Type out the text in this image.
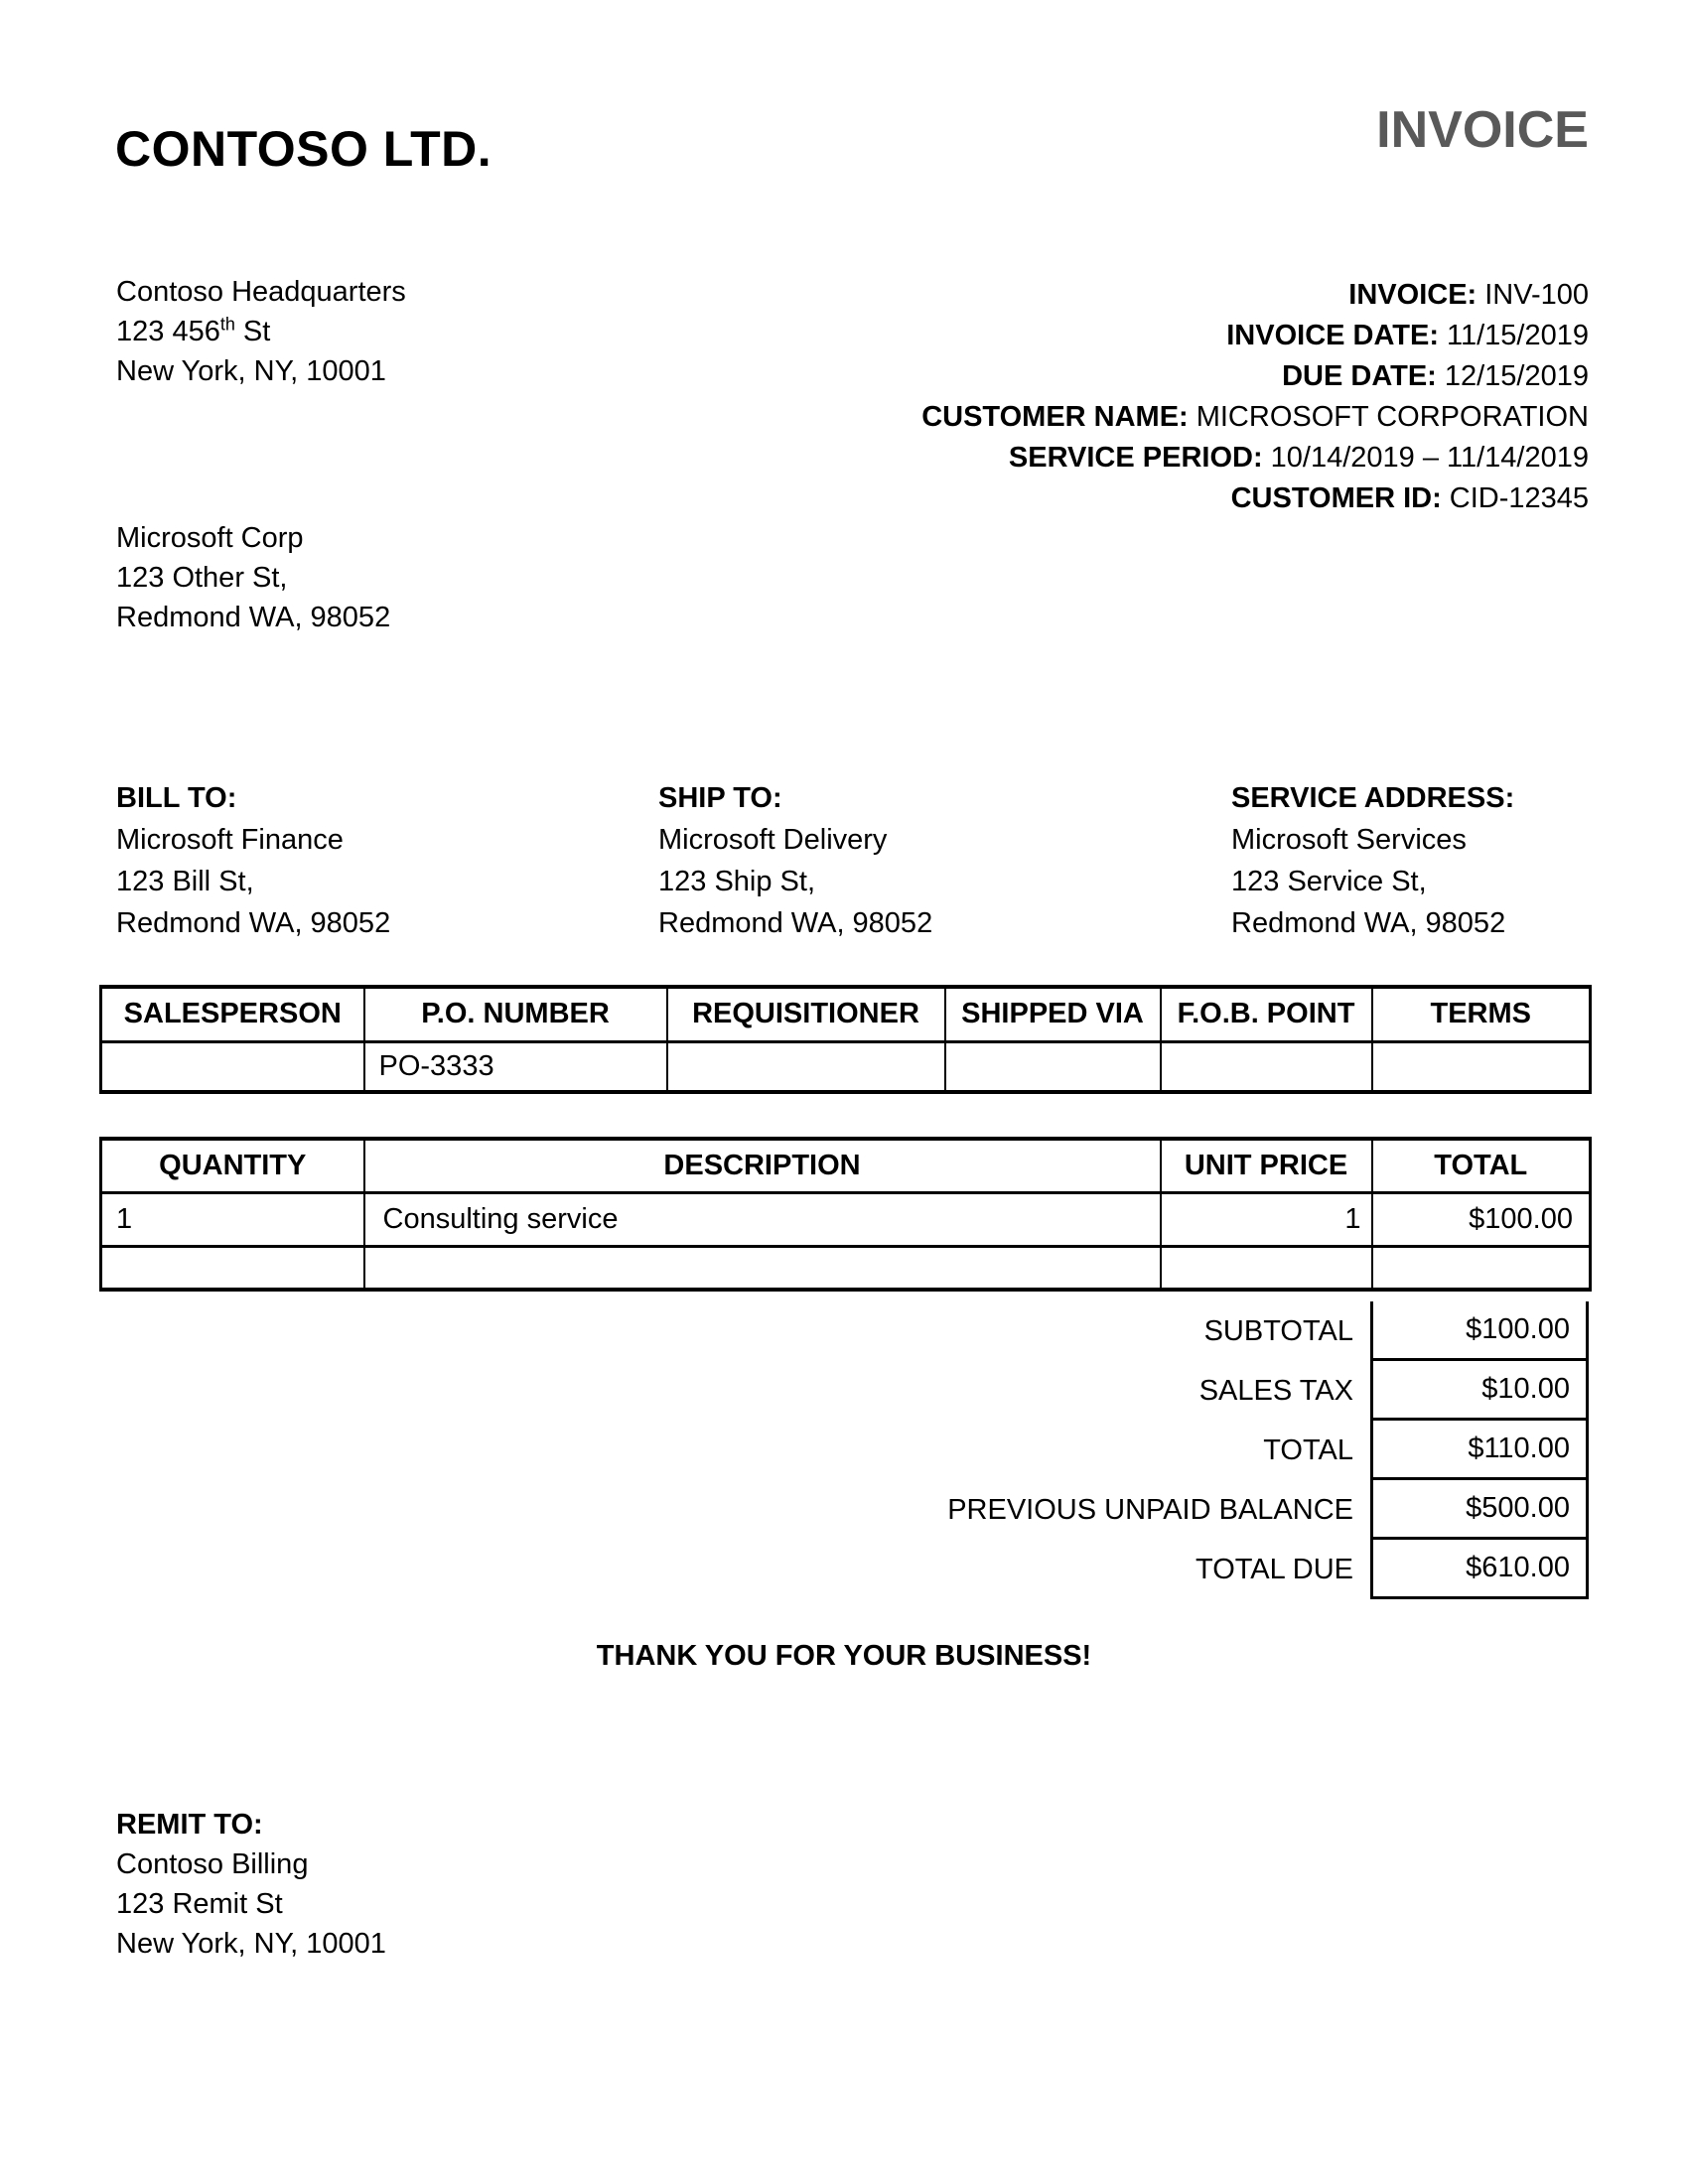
CONTOSO LTD.	INVOICE
Contoso Headquarters
123 456th St
New York, NY, 10001
INVOICE: INV-100
INVOICE DATE: 11/15/2019
DUE DATE: 12/15/2019
CUSTOMER NAME: MICROSOFT CORPORATION
SERVICE PERIOD: 10/14/2019 – 11/14/2019
CUSTOMER ID: CID-12345
Microsoft Corp
123 Other St,
Redmond WA, 98052
BILL TO:
Microsoft Finance
123 Bill St,
Redmond WA, 98052
SHIP TO:
Microsoft Delivery
123 Ship St,
Redmond WA, 98052
SERVICE ADDRESS:
Microsoft Services
123 Service St,
Redmond WA, 98052
SALESPERSON	P.O. NUMBER	REQUISITIONER	SHIPPED VIA	F.O.B. POINT	TERMS
	PO-3333				
QUANTITY	DESCRIPTION	UNIT PRICE	TOTAL
1	Consulting service	1	$100.00

SUBTOTAL	$100.00
SALES TAX	$10.00
TOTAL	$110.00
PREVIOUS UNPAID BALANCE	$500.00
TOTAL DUE	$610.00
THANK YOU FOR YOUR BUSINESS!
REMIT TO:
Contoso Billing
123 Remit St
New York, NY, 10001
